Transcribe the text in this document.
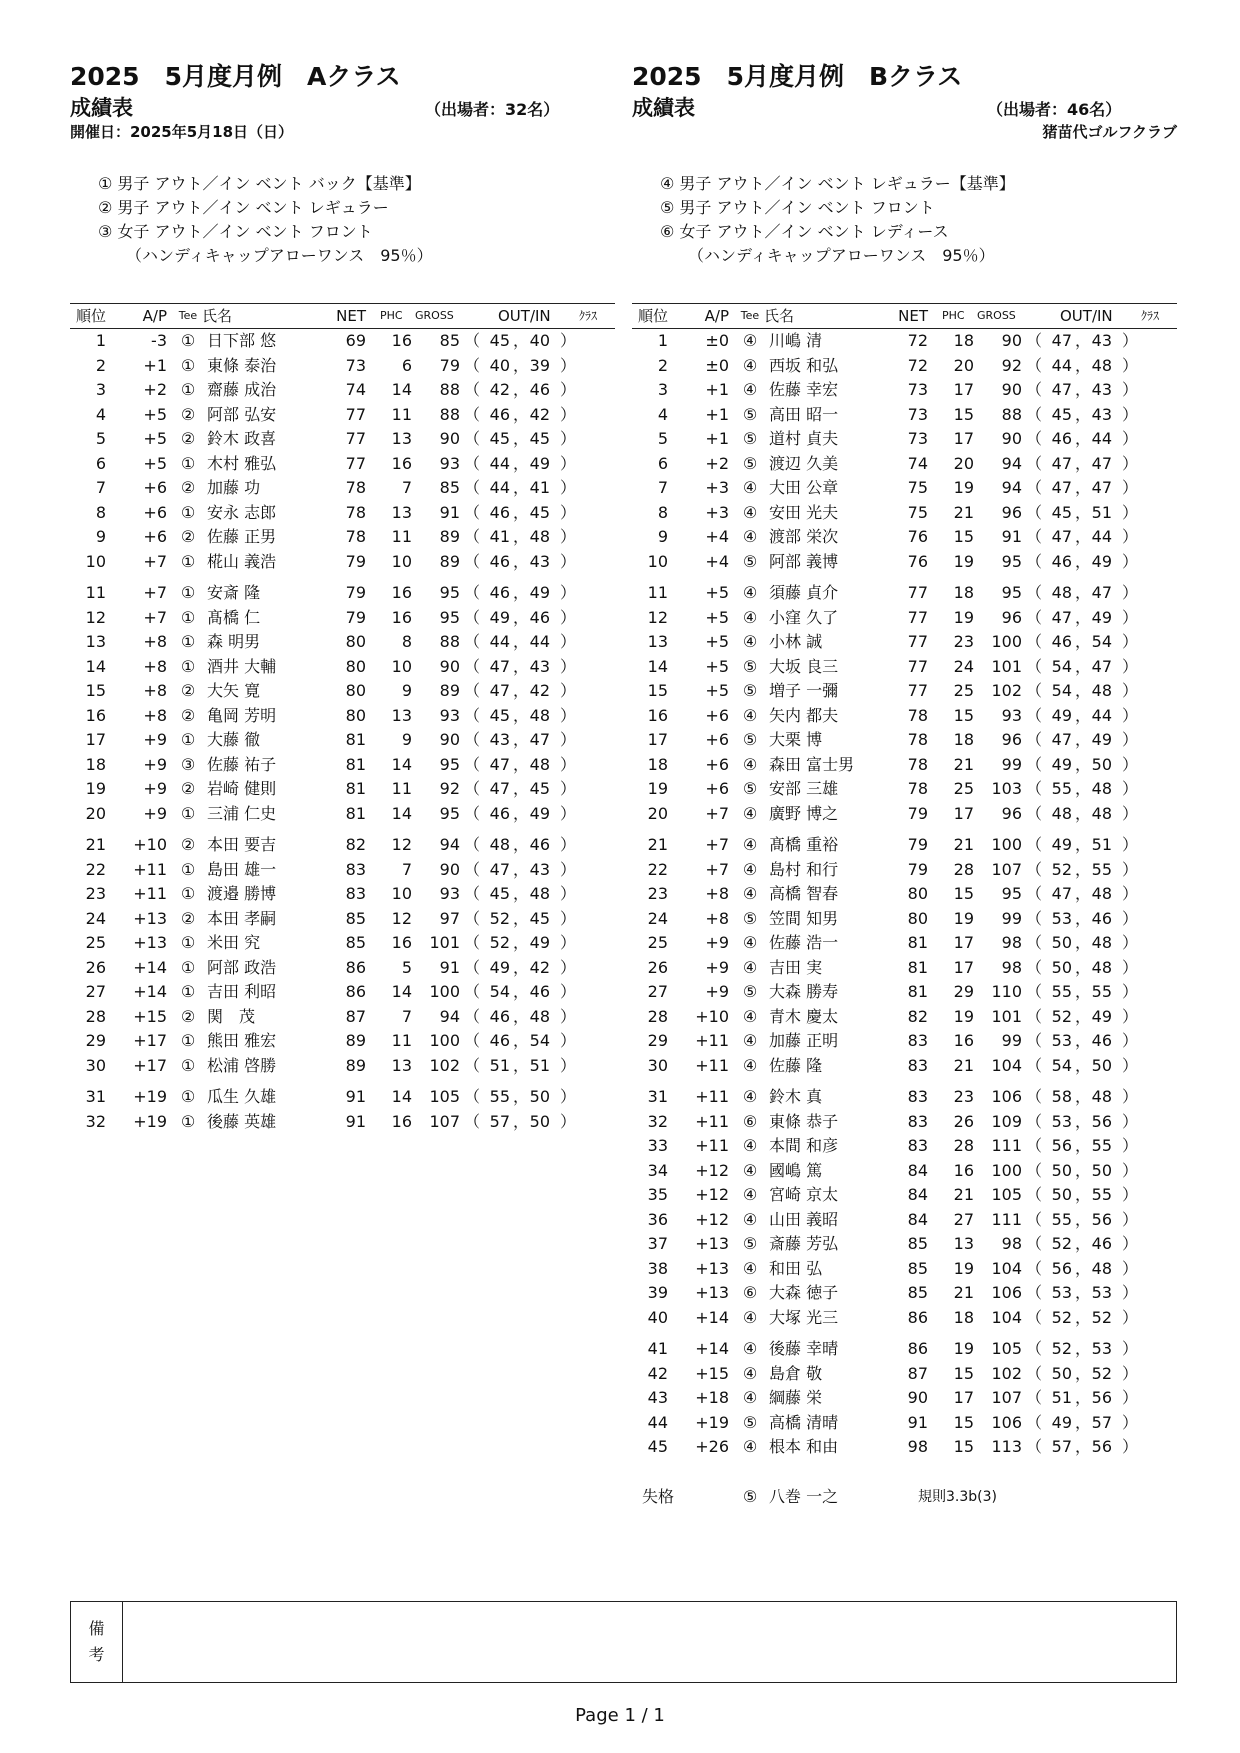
2025　5月度月例　Aクラス
成績表	（出場者：32名）
開催日：2025年5月18日（日）
① 男子 アウト／イン ベント バック【基準】
② 男子 アウト／イン ベント レギュラー
③ 女子 アウト／イン ベント フロント
（ハンディキャップアローワンス　95％）
順位	A/P Tee 氏名	NET PHC GROSS	OUT/IN ｸﾗｽ
1	-3 ① 日下部 悠	69 16	85 （ 45 ， 40 ）
2	+1 ① 東條 泰治	73	6	79 （ 40 ， 39 ）
3	+2 ① 齋藤 成治	74 14	88 （ 42 ， 46 ）
4	+5 ② 阿部 弘安	77 11	88 （ 46 ， 42 ）
5	+5 ② 鈴木 政喜	77 13	90 （ 45 ， 45 ）
6	+5 ① 木村 雅弘	77 16	93 （ 44 ， 49 ）
7	+6 ② 加藤 功	78	7	85 （ 44 ， 41 ）
8	+6 ① 安永 志郎	78 13	91 （ 46 ， 45 ）
9	+6 ② 佐藤 正男	78 11	89 （ 41 ， 48 ）
10	+7 ① 椛山 義浩	79 10	89 （ 46 ， 43 ）
11	+7 ① 安斎 隆	79 16	95 （ 46 ， 49 ）
12	+7 ① 髙橋 仁	79 16	95 （ 49 ， 46 ）
13	+8 ① 森 明男	80	8	88 （ 44 ， 44 ）
14	+8 ① 酒井 大輔	80 10	90 （ 47 ， 43 ）
15	+8 ② 大矢 寛	80	9	89 （ 47 ， 42 ）
16	+8 ② 亀岡 芳明	80 13	93 （ 45 ， 48 ）
17	+9 ① 大藤 徹	81	9	90 （ 43 ， 47 ）
18	+9 ③ 佐藤 祐子	81 14	95 （ 47 ， 48 ）
19	+9 ② 岩崎 健則	81 11	92 （ 47 ， 45 ）
20	+9 ① 三浦 仁史	81 14	95 （ 46 ， 49 ）
21	+10 ② 本田 要吉	82 12	94 （ 48 ， 46 ）
22	+11 ① 島田 雄一	83	7	90 （ 47 ， 43 ）
23	+11 ① 渡邉 勝博	83 10	93 （ 45 ， 48 ）
24	+13 ② 本田 孝嗣	85 12	97 （ 52 ， 45 ）
25	+13 ① 米田 究	85 16	101 （ 52 ， 49 ）
26	+14 ① 阿部 政浩	86	5	91 （ 49 ， 42 ）
27	+14 ① 吉田 利昭	86 14	100 （ 54 ， 46 ）
28	+15 ② 関　茂	87	7	94 （ 46 ， 48 ）
29	+17 ① 熊田 雅宏	89 11	100 （ 46 ， 54 ）
30	+17 ① 松浦 啓勝	89 13	102 （ 51 ， 51 ）
31	+19 ① 瓜生 久雄	91 14	105 （ 55 ， 50 ）
32	+19 ① 後藤 英雄	91 16	107 （ 57 ， 50 ）
2025　5月度月例　Bクラス
成績表	（出場者：46名）
猪苗代ゴルフクラブ
④ 男子 アウト／イン ベント レギュラー【基準】
⑤ 男子 アウト／イン ベント フロント
⑥ 女子 アウト／イン ベント レディース
（ハンディキャップアローワンス　95％）
順位	A/P Tee 氏名	NET PHC GROSS	OUT/IN ｸﾗｽ
1	±0 ④ 川嶋 清	72 18	90 （ 47 ， 43 ）
2	±0 ④ 西坂 和弘	72 20	92 （ 44 ， 48 ）
3	+1 ④ 佐藤 幸宏	73 17	90 （ 47 ， 43 ）
4	+1 ⑤ 高田 昭一	73 15	88 （ 45 ， 43 ）
5	+1 ⑤ 道村 貞夫	73 17	90 （ 46 ， 44 ）
6	+2 ⑤ 渡辺 久美	74 20	94 （ 47 ， 47 ）
7	+3 ④ 大田 公章	75 19	94 （ 47 ， 47 ）
8	+3 ④ 安田 光夫	75 21	96 （ 45 ， 51 ）
9	+4 ④ 渡部 栄次	76 15	91 （ 47 ， 44 ）
10	+4 ⑤ 阿部 義博	76 19	95 （ 46 ， 49 ）
11	+5 ④ 須藤 貞介	77 18	95 （ 48 ， 47 ）
12	+5 ④ 小窪 久了	77 19	96 （ 47 ， 49 ）
13	+5 ④ 小林 誠	77 23	100 （ 46 ， 54 ）
14	+5 ⑤ 大坂 良三	77 24	101 （ 54 ， 47 ）
15	+5 ⑤ 増子 一彌	77 25	102 （ 54 ， 48 ）
16	+6 ④ 矢内 都夫	78 15	93 （ 49 ， 44 ）
17	+6 ⑤ 大栗 博	78 18	96 （ 47 ， 49 ）
18	+6 ④ 森田 富士男	78 21	99 （ 49 ， 50 ）
19	+6 ⑤ 安部 三雄	78 25	103 （ 55 ， 48 ）
20	+7 ④ 廣野 博之	79 17	96 （ 48 ， 48 ）
21	+7 ④ 髙橋 重裕	79 21	100 （ 49 ， 51 ）
22	+7 ④ 島村 和行	79 28	107 （ 52 ， 55 ）
23	+8 ④ 高橋 智春	80 15	95 （ 47 ， 48 ）
24	+8 ⑤ 笠間 知男	80 19	99 （ 53 ， 46 ）
25	+9 ④ 佐藤 浩一	81 17	98 （ 50 ， 48 ）
26	+9 ④ 吉田 実	81 17	98 （ 50 ， 48 ）
27	+9 ⑤ 大森 勝寿	81 29	110 （ 55 ， 55 ）
28	+10 ④ 青木 慶太	82 19	101 （ 52 ， 49 ）
29	+11 ④ 加藤 正明	83 16	99 （ 53 ， 46 ）
30	+11 ④ 佐藤 隆	83 21	104 （ 54 ， 50 ）
31	+11 ④ 鈴木 真	83 23	106 （ 58 ， 48 ）
32	+11 ⑥ 東條 恭子	83 26	109 （ 53 ， 56 ）
33	+11 ④ 本間 和彦	83 28	111 （ 56 ， 55 ）
34	+12 ④ 國嶋 篤	84 16	100 （ 50 ， 50 ）
35	+12 ④ 宮崎 京太	84 21	105 （ 50 ， 55 ）
36	+12 ④ 山田 義昭	84 27	111 （ 55 ， 56 ）
37	+13 ⑤ 斎藤 芳弘	85 13	98 （ 52 ， 46 ）
38	+13 ④ 和田 弘	85 19	104 （ 56 ， 48 ）
39	+13 ⑥ 大森 徳子	85 21	106 （ 53 ， 53 ）
40	+14 ④ 大塚 光三	86 18	104 （ 52 ， 52 ）
41	+14 ④ 後藤 幸晴	86 19	105 （ 52 ， 53 ）
42	+15 ④ 島倉 敬	87 15	102 （ 50 ， 52 ）
43	+18 ④ 綱藤 栄	90 17	107 （ 51 ， 56 ）
44	+19 ⑤ 高橋 清晴	91 15	106 （ 49 ， 57 ）
45	+26 ④ 根本 和由	98 15	113 （ 57 ， 56 ）
失格	⑤ 八巻 一之	規則3.3b(3)
備
考
Page 1 / 1
